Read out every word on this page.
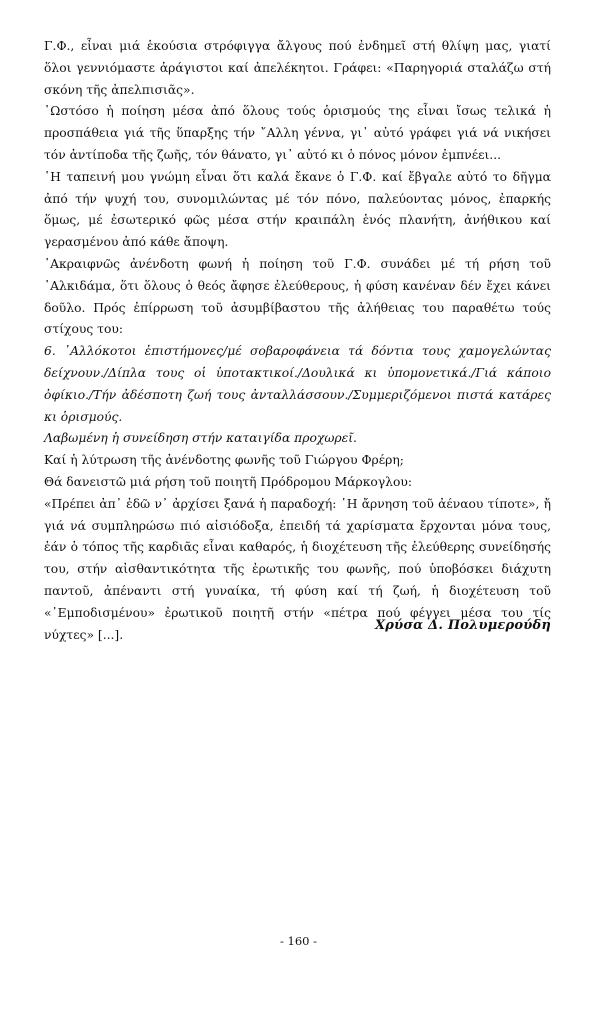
Γ.Φ., εἶναι μιά ἑκούσια στρόφιγγα ἄλγους πού ἐνδημεῖ στή θλίψη μας, γιατί ὅλοι γεννιόμαστε ἀράγιστοι καί ἀπελέκητοι. Γράφει: «Παρηγοριά σταλάζω στή σκόνη τῆς ἀπελπισιᾶς».

῾Ωστόσο ἡ ποίηση μέσα ἀπό ὅλους τούς ὁρισμούς της εἶναι ἴσως τελικά ἡ προσπάθεια γιά τῆς ὕπαρξης τήν ῎Αλλη γέννα, γι᾽ αὐτό γράφει γιά νά νικήσει τόν ἀντίποδα τῆς ζωῆς, τόν θάνατο, γι᾽ αὐτό κι ὁ πόνος μόνον ἐμπνέει...

῾Η ταπεινή μου γνώμη εἶναι ὅτι καλά ἔκανε ὁ Γ.Φ. καί ἔβγαλε αὐτό το δῆγμα ἀπό τήν ψυχή του, συνομιλώντας μέ τόν πόνο, παλεύοντας μόνος, ἐπαρκής ὅμως, μέ ἐσωτερικό φῶς μέσα στήν κραιπάλη ἑνός πλανήτη, ἀνήθικου καί γερασμένου ἀπό κάθε ἄποψη.

᾽Ακραιφνῶς ἀνένδοτη φωνή ἡ ποίηση τοῦ Γ.Φ. συνάδει μέ τή ρήση τοῦ ᾽Αλκιδάμα, ὅτι ὅλους ὁ θεός ἄφησε ἐλεύθερους, ἡ φύση κανέναν δέν ἔχει κάνει δοῦλο. Πρός ἐπίρρωση τοῦ ἀσυμβίβαστου τῆς ἀλήθειας του παραθέτω τούς στίχους του:

6. ᾽Αλλόκοτοι ἐπιστήμονες/μέ σοβαροφάνεια τά δόντια τους χαμογελώντας δείχνουν./Δίπλα τους οἱ ὑποτακτικοί./Δουλικά κι ὑπομονετικά./Γιά κάποιο ὀφίκιο./Τήν ἀδέσποτη ζωή τους ἀνταλλάσσουν./Συμμεριζόμενοι πιστά κατάρες κι ὁρισμούς.

Λαβωμένη ἡ συνείδηση στήν καταιγίδα προχωρεῖ.

Καί ἡ λύτρωση τῆς ἀνένδοτης φωνῆς τοῦ Γιώργου Φρέρη;

Θά δανειστῶ μιά ρήση τοῦ ποιητῆ Πρόδρομου Μάρκογλου:

«Πρέπει ἀπ᾽ ἐδῶ ν᾽ ἀρχίσει ξανά ἡ παραδοχή: ῾Η ἄρνηση τοῦ ἀέναου τίποτε», ἤ γιά νά συμπληρώσω πιό αἰσιόδοξα, ἐπειδή τά χαρίσματα ἔρχονται μόνα τους, ἐάν ὁ τόπος τῆς καρδιᾶς εἶναι καθαρός, ἡ διοχέτευση τῆς ἐλεύθερης συνείδησής του, στήν αἰσθαντικότητα τῆς ἐρωτικῆς του φωνῆς, πού ὑποβόσκει διάχυτη παντοῦ, ἀπέναντι στή γυναίκα, τή φύση καί τή ζωή, ἡ διοχέτευση τοῦ «᾽Εμποδισμένου» ἐρωτικοῦ ποιητῆ στήν «πέτρα πού φέγγει μέσα του τίς νύχτες» [...].

Χρύσα Δ. Πολυμερούδη
- 160 -
